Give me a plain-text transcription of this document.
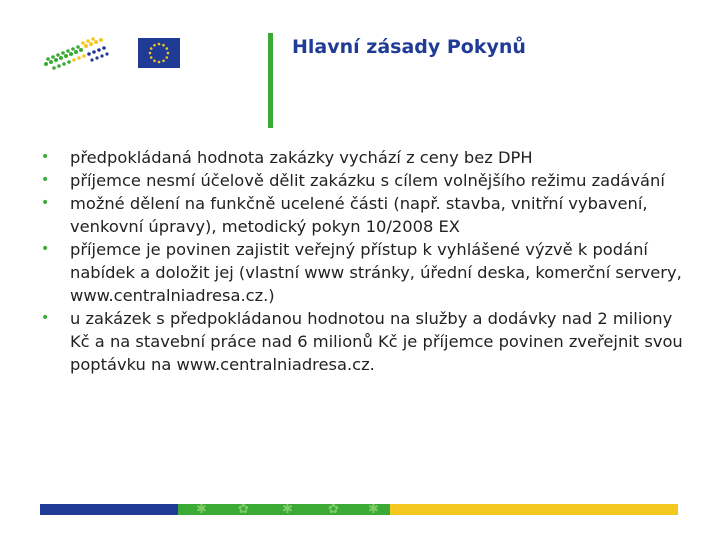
Hlavní zásady Pokynů
• předpokládaná hodnota zakázky vychází z ceny bez DPH
• příjemce nesmí účelově dělit zakázku s cílem volnějšího režimu zadávání
• možné dělení na funkčně ucelené části (např. stavba, vnitřní vybavení, venkovní úpravy), metodický pokyn 10/2008 EX
• příjemce je povinen zajistit veřejný přístup k vyhlášené výzvě k podání nabídek a doložit jej (vlastní www stránky, úřední deska, komerční servery, www.centralniadresa.cz.)
• u zakázek s předpokládanou hodnotou na služby a dodávky nad 2 miliony Kč a na stavební práce nad 6 milionů Kč je příjemce povinen zveřejnit svou poptávku na www.centralniadresa.cz.
✱ ✿	✱	✿ ✱
